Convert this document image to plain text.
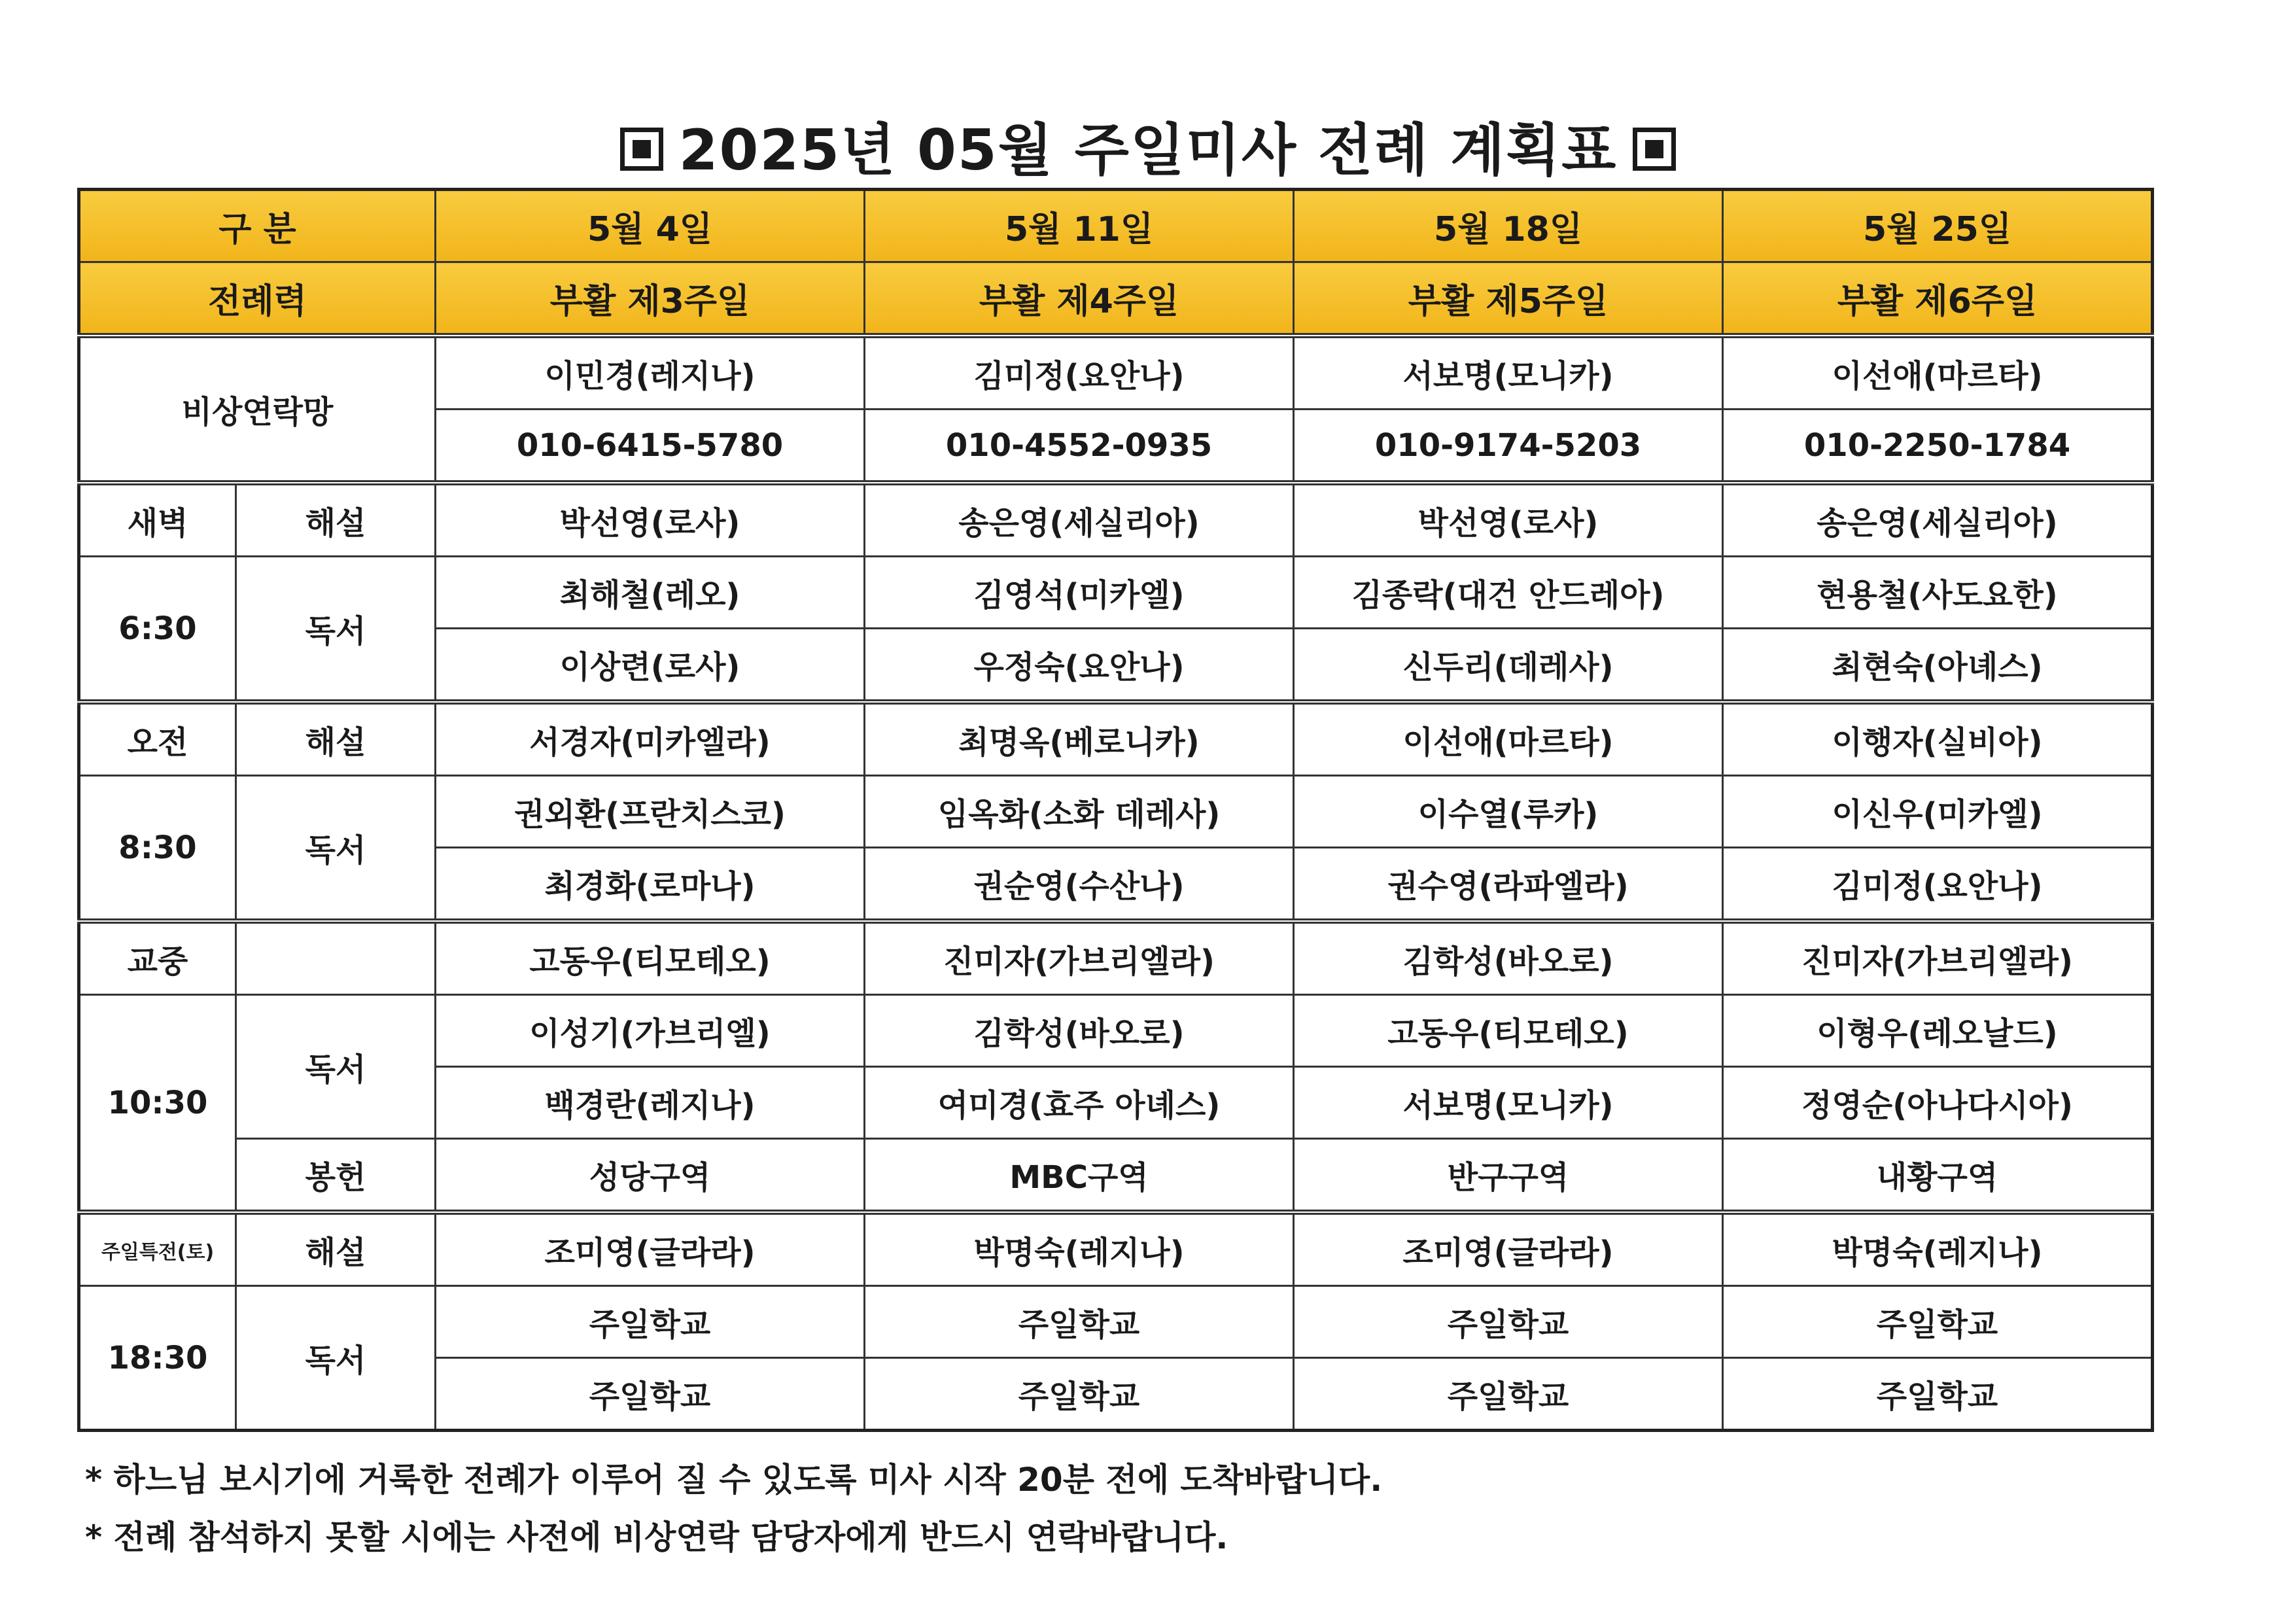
2025년 05월 주일미사 전례 계획표
구 분		5월 4일	5월 11일	5월 18일	5월 25일
전례력		부활 제3주일	부활 제4주일	부활 제5주일	부활 제6주일
비상연락망		이민경(레지나)	김미정(요안나)	서보명(모니카)	이선애(마르타)
		010-6415-5780	010-4552-0935	010-9174-5203	010-2250-1784
새벽	해설	박선영(로사)	송은영(세실리아)	박선영(로사)	송은영(세실리아)
6:30	독서	최해철(레오)	김영석(미카엘)	김종락(대건 안드레아)	현용철(사도요한)
		이상련(로사)	우정숙(요안나)	신두리(데레사)	최현숙(아녜스)
오전	해설	서경자(미카엘라)	최명옥(베로니카)	이선애(마르타)	이행자(실비아)
8:30	독서	권외환(프란치스코)	임옥화(소화 데레사)	이수열(루카)	이신우(미카엘)
		최경화(로마나)	권순영(수산나)	권수영(라파엘라)	김미정(요안나)
교중		고동우(티모테오)	진미자(가브리엘라)	김학성(바오로)	진미자(가브리엘라)
10:30	독서	이성기(가브리엘)	김학성(바오로)	고동우(티모테오)	이형우(레오날드)
		백경란(레지나)	여미경(효주 아녜스)	서보명(모니카)	정영순(아나다시아)
	봉헌	성당구역	MBC구역	반구구역	내황구역
주일특전(토)	해설	조미영(글라라)	박명숙(레지나)	조미영(글라라)	박명숙(레지나)
18:30	독서	주일학교	주일학교	주일학교	주일학교
		주일학교	주일학교	주일학교	주일학교
* 하느님 보시기에 거룩한 전례가 이루어 질 수 있도록 미사 시작 20분 전에 도착바랍니다.
* 전례 참석하지 못할 시에는 사전에 비상연락 담당자에게 반드시 연락바랍니다.
